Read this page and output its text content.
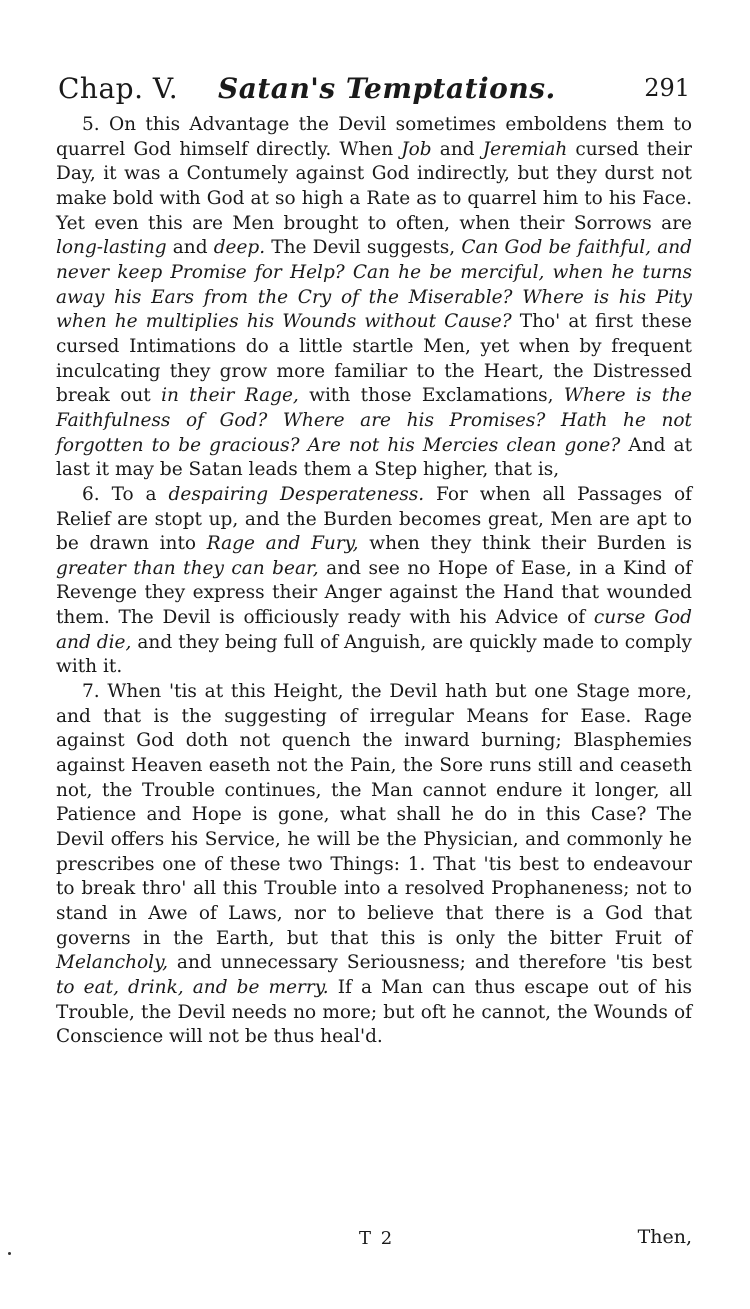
Chap. V. Satan's Temptations.	291

5. On this Advantage the Devil sometimes emboldens them to quarrel God himself directly. When Job and Jeremiah cursed their Day, it was a Contumely against God indirectly, but they durst not make bold with God at so high a Rate as to quarrel him to his Face. Yet even this are Men brought to often, when their Sorrows are long-lasting and deep. The Devil suggests, Can God be faithful, and never keep Promise for Help? Can he be merciful, when he turns away his Ears from the Cry of the Miserable? Where is his Pity when he multiplies his Wounds without Cause? Tho' at first these cursed Intimations do a little startle Men, yet when by frequent inculcating they grow more familiar to the Heart, the Distressed break out in their Rage, with those Exclamations, Where is the Faithfulness of God? Where are his Promises? Hath he not forgotten to be gracious? Are not his Mercies clean gone? And at last it may be Satan leads them a Step higher, that is,

6. To a despairing Desperateness. For when all Passages of Relief are stopt up, and the Burden becomes great, Men are apt to be drawn into Rage and Fury, when they think their Burden is greater than they can bear, and see no Hope of Ease, in a Kind of Revenge they express their Anger against the Hand that wounded them. The Devil is officiously ready with his Advice of curse God and die, and they being full of Anguish, are quickly made to comply with it.

7. When 'tis at this Height, the Devil hath but one Stage more, and that is the suggesting of irregular Means for Ease. Rage against God doth not quench the inward burning; Blasphemies against Heaven easeth not the Pain, the Sore runs still and ceaseth not, the Trouble continues, the Man cannot endure it longer, all Patience and Hope is gone, what shall he do in this Case? The Devil offers his Service, he will be the Physician, and commonly he prescribes one of these two Things: 1. That 'tis best to endeavour to break thro' all this Trouble into a resolved Prophaneness; not to stand in Awe of Laws, nor to believe that there is a God that governs in the Earth, but that this is only the bitter Fruit of Melancholy, and unnecessary Seriousness; and therefore 'tis best to eat, drink, and be merry. If a Man can thus escape out of his Trouble, the Devil needs no more; but oft he cannot, the Wounds of Conscience will not be thus heal'd.

T 2	Then,
